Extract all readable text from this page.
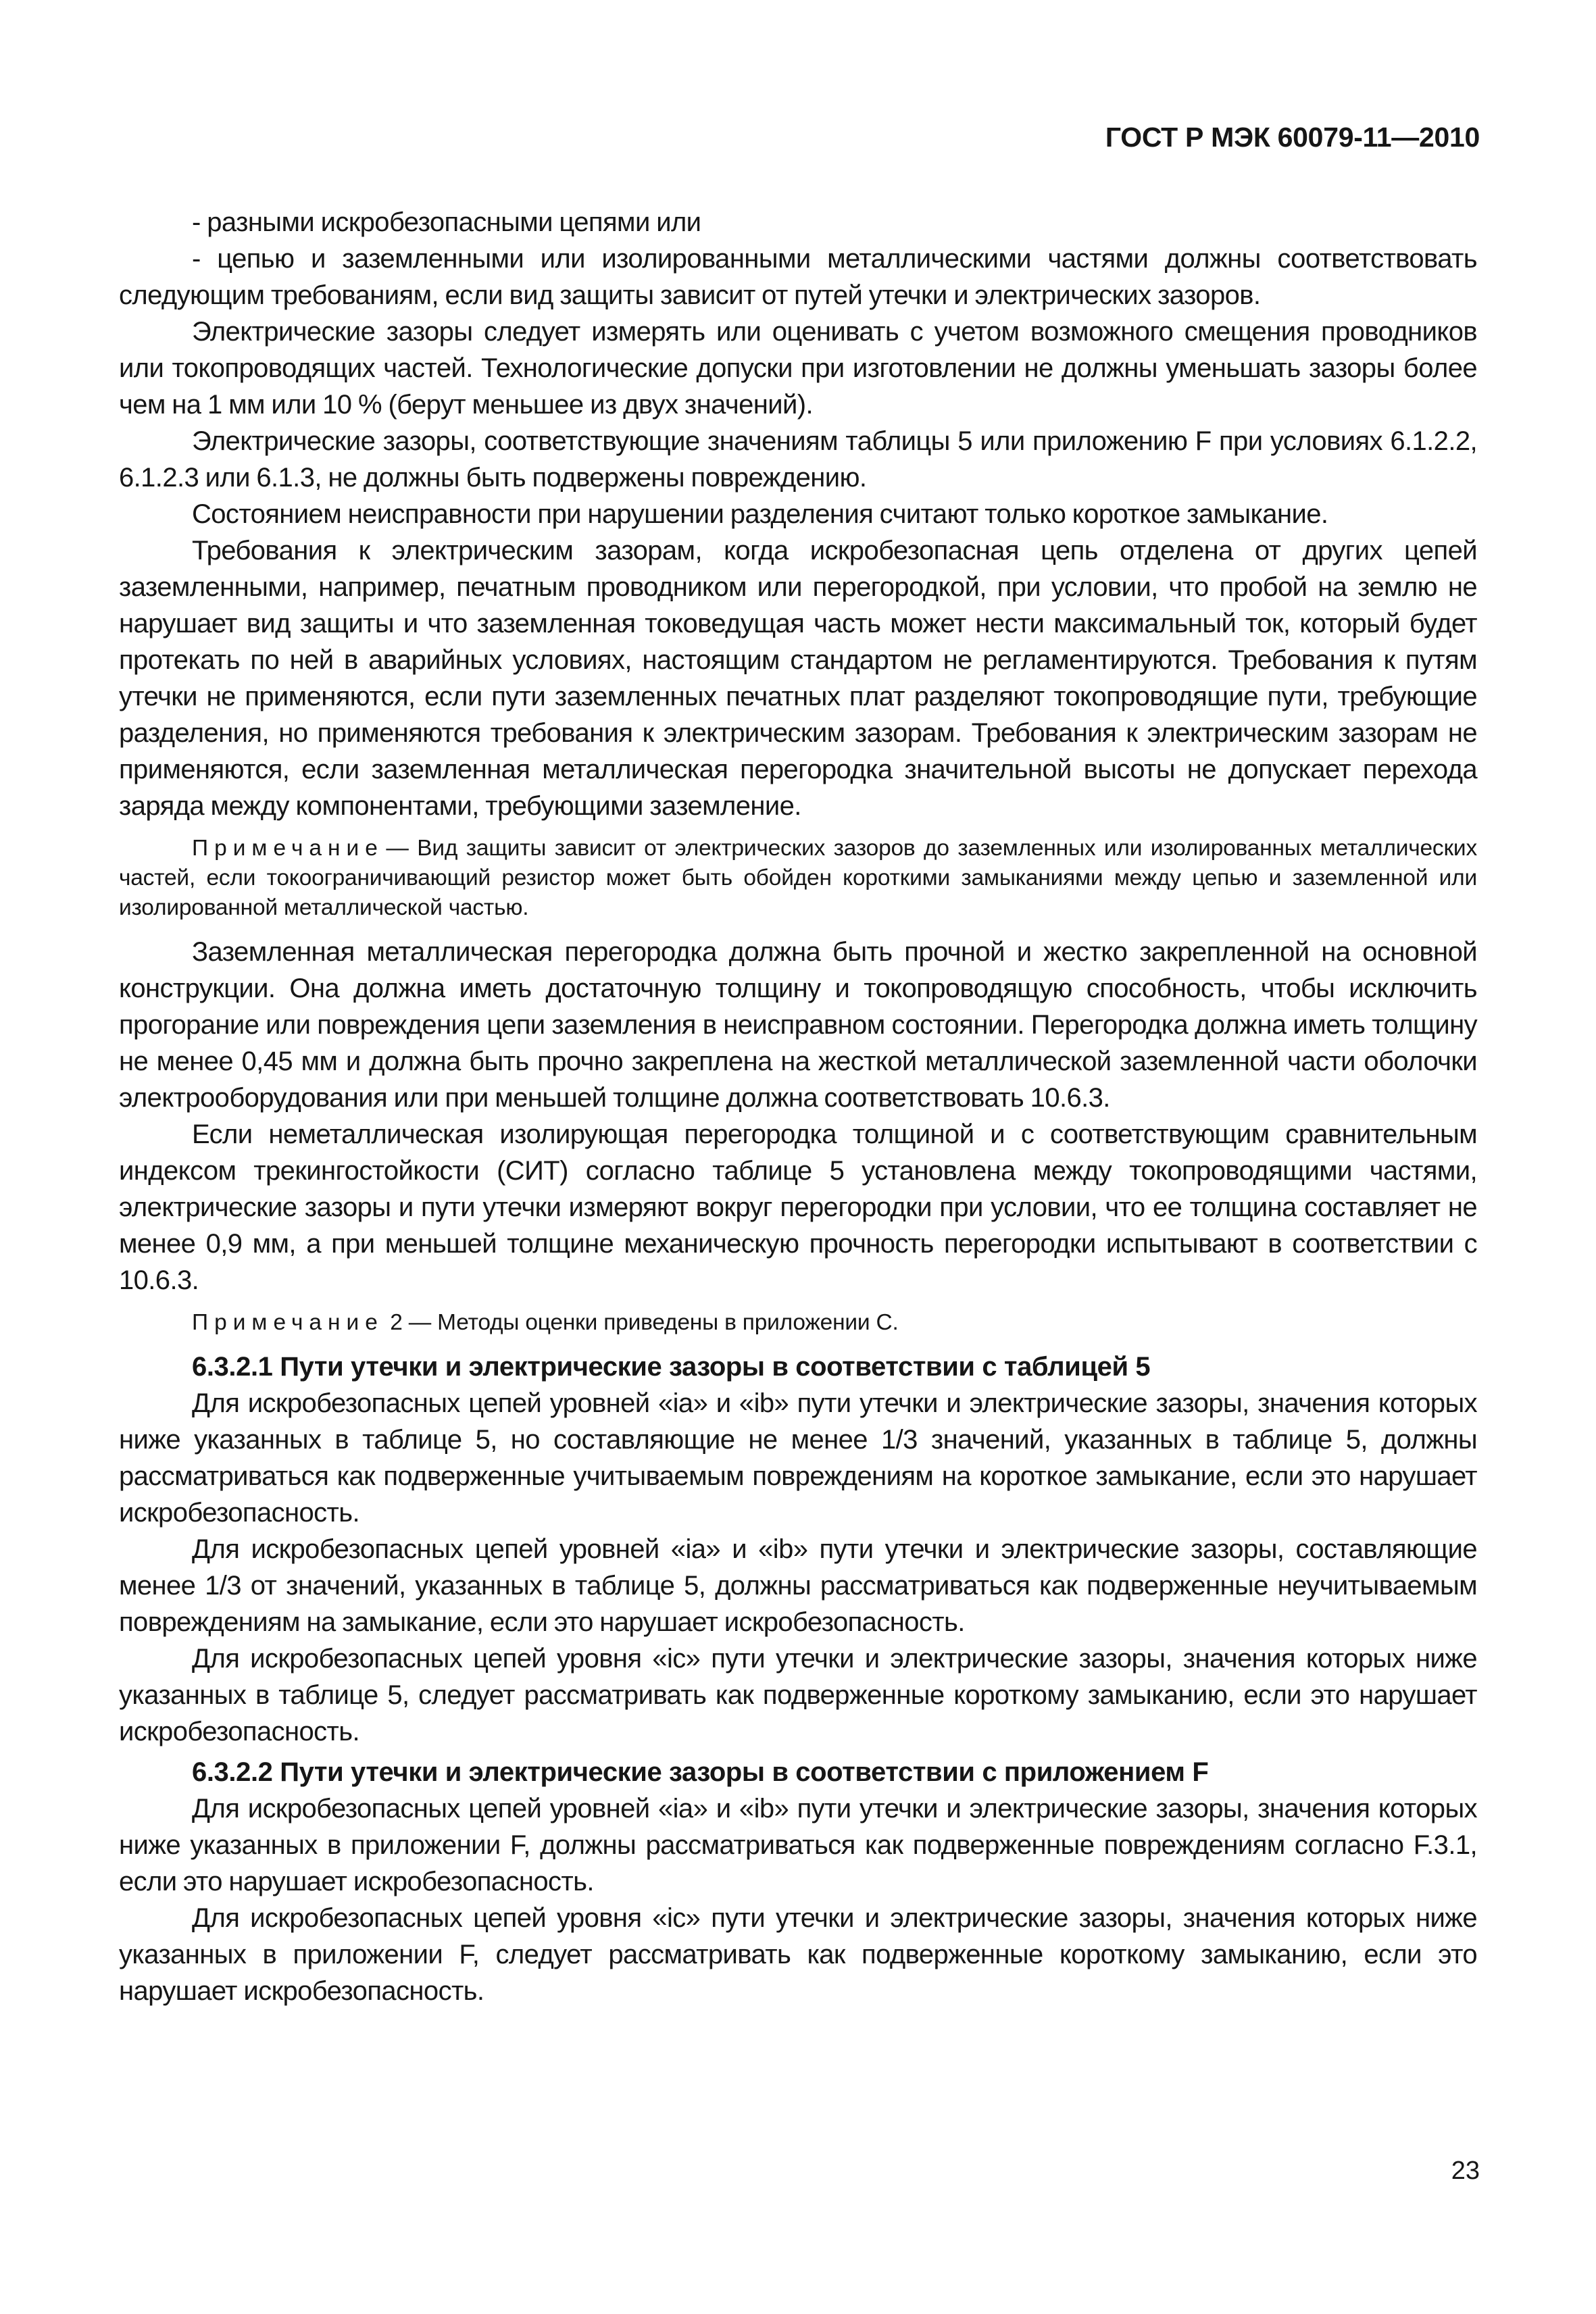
ГОСТ Р МЭК 60079-11—2010

- разными искробезопасными цепями или

- цепью и заземленными или изолированными металлическими частями должны соответствовать следующим требованиям, если вид защиты зависит от путей утечки и электрических зазоров.

Электрические зазоры следует измерять или оценивать с учетом возможного смещения проводников или токопроводящих частей. Технологические допуски при изготовлении не должны уменьшать зазоры более чем на 1 мм или 10 % (берут меньшее из двух значений).

Электрические зазоры, соответствующие значениям таблицы 5 или приложению F при условиях 6.1.2.2, 6.1.2.3 или 6.1.3, не должны быть подвержены повреждению.

Состоянием неисправности при нарушении разделения считают только короткое замыкание.

Требования к электрическим зазорам, когда искробезопасная цепь отделена от других цепей заземленными, например, печатным проводником или перегородкой, при условии, что пробой на землю не нарушает вид защиты и что заземленная токоведущая часть может нести максимальный ток, который будет протекать по ней в аварийных условиях, настоящим стандартом не регламентируются. Требования к путям утечки не применяются, если пути заземленных печатных плат разделяют токопроводящие пути, требующие разделения, но применяются требования к электрическим зазорам. Требования к электрическим зазорам не применяются, если заземленная металлическая перегородка значительной высоты не допускает перехода заряда между компонентами, требующими заземление.

Примечание — Вид защиты зависит от электрических зазоров до заземленных или изолированных металлических частей, если токоограничивающий резистор может быть обойден короткими замыканиями между цепью и заземленной или изолированной металлической частью.

Заземленная металлическая перегородка должна быть прочной и жестко закрепленной на основной конструкции. Она должна иметь достаточную толщину и токопроводящую способность, чтобы исключить прогорание или повреждения цепи заземления в неисправном состоянии. Перегородка должна иметь толщину не менее 0,45 мм и должна быть прочно закреплена на жесткой металлической заземленной части оболочки электрооборудования или при меньшей толщине должна соответствовать 10.6.3.

Если неметаллическая изолирующая перегородка толщиной и с соответствующим сравнительным индексом трекингостойкости (СИТ) согласно таблице 5 установлена между токопроводящими частями, электрические зазоры и пути утечки измеряют вокруг перегородки при условии, что ее толщина составляет не менее 0,9 мм, а при меньшей толщине механическую прочность перегородки испытывают в соответствии с 10.6.3.

Примечание 2 — Методы оценки приведены в приложении С.

6.3.2.1 Пути утечки и электрические зазоры в соответствии с таблицей 5

Для искробезопасных цепей уровней «ia» и «ib» пути утечки и электрические зазоры, значения которых ниже указанных в таблице 5, но составляющие не менее 1/3 значений, указанных в таблице 5, должны рассматриваться как подверженные учитываемым повреждениям на короткое замыкание, если это нарушает искробезопасность.

Для искробезопасных цепей уровней «ia» и «ib» пути утечки и электрические зазоры, составляющие менее 1/3 от значений, указанных в таблице 5, должны рассматриваться как подверженные неучитываемым повреждениям на замыкание, если это нарушает искробезопасность.

Для искробезопасных цепей уровня «ic» пути утечки и электрические зазоры, значения которых ниже указанных в таблице 5, следует рассматривать как подверженные короткому замыканию, если это нарушает искробезопасность.

6.3.2.2 Пути утечки и электрические зазоры в соответствии с приложением F

Для искробезопасных цепей уровней «ia» и «ib» пути утечки и электрические зазоры, значения которых ниже указанных в приложении F, должны рассматриваться как подверженные повреждениям согласно F.3.1, если это нарушает искробезопасность.

Для искробезопасных цепей уровня «ic» пути утечки и электрические зазоры, значения которых ниже указанных в приложении F, следует рассматривать как подверженные короткому замыканию, если это нарушает искробезопасность.

23
